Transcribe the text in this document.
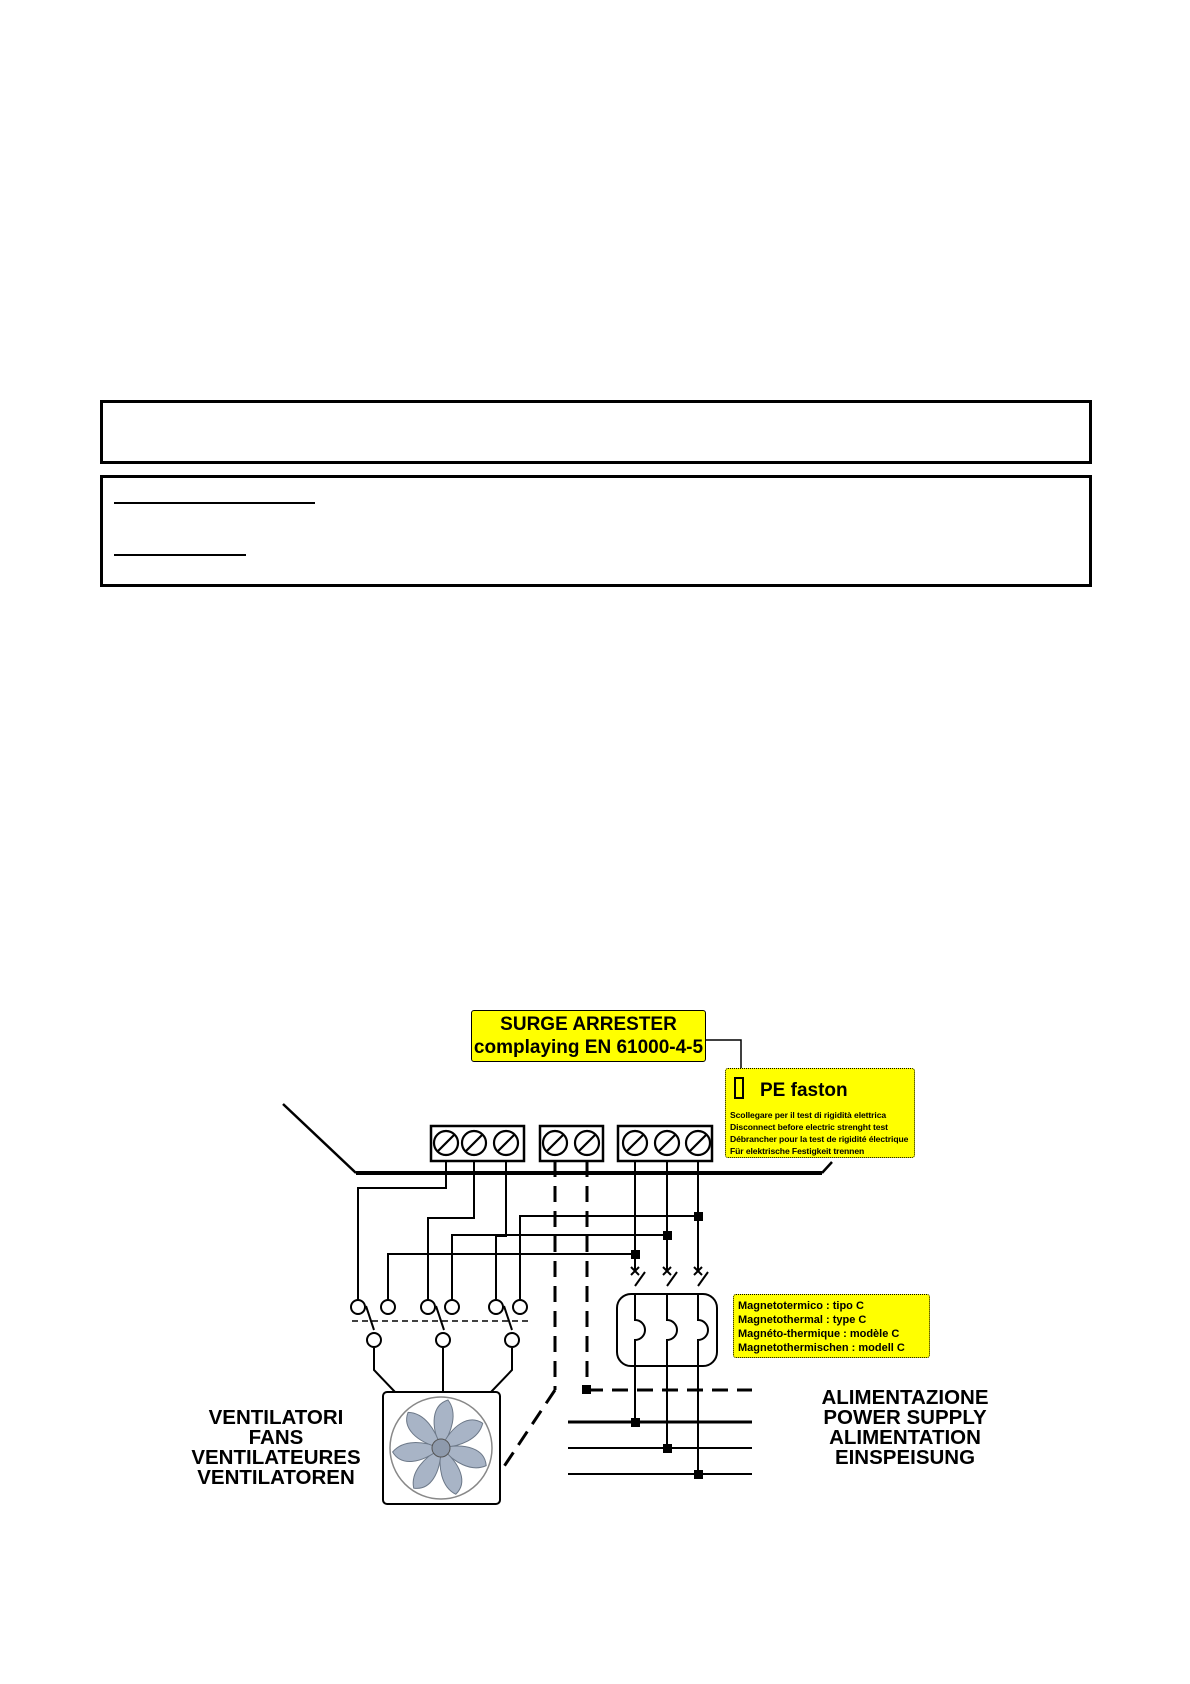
SURGE ARRESTER
complaying EN 61000-4-5
PE faston
Scollegare per il test di rigidità elettrica
Disconnect before electric strenght test
Débrancher pour la test de rigidité électrique
Für elektrische Festigkeit trennen
Magnetotermico : tipo C
Magnetothermal : type C
Magnéto-thermique : modèle C
Magnetothermischen : modell C
VENTILATORI
FANS
VENTILATEURES
VENTILATOREN
ALIMENTAZIONE
POWER SUPPLY
ALIMENTATION
EINSPEISUNG
